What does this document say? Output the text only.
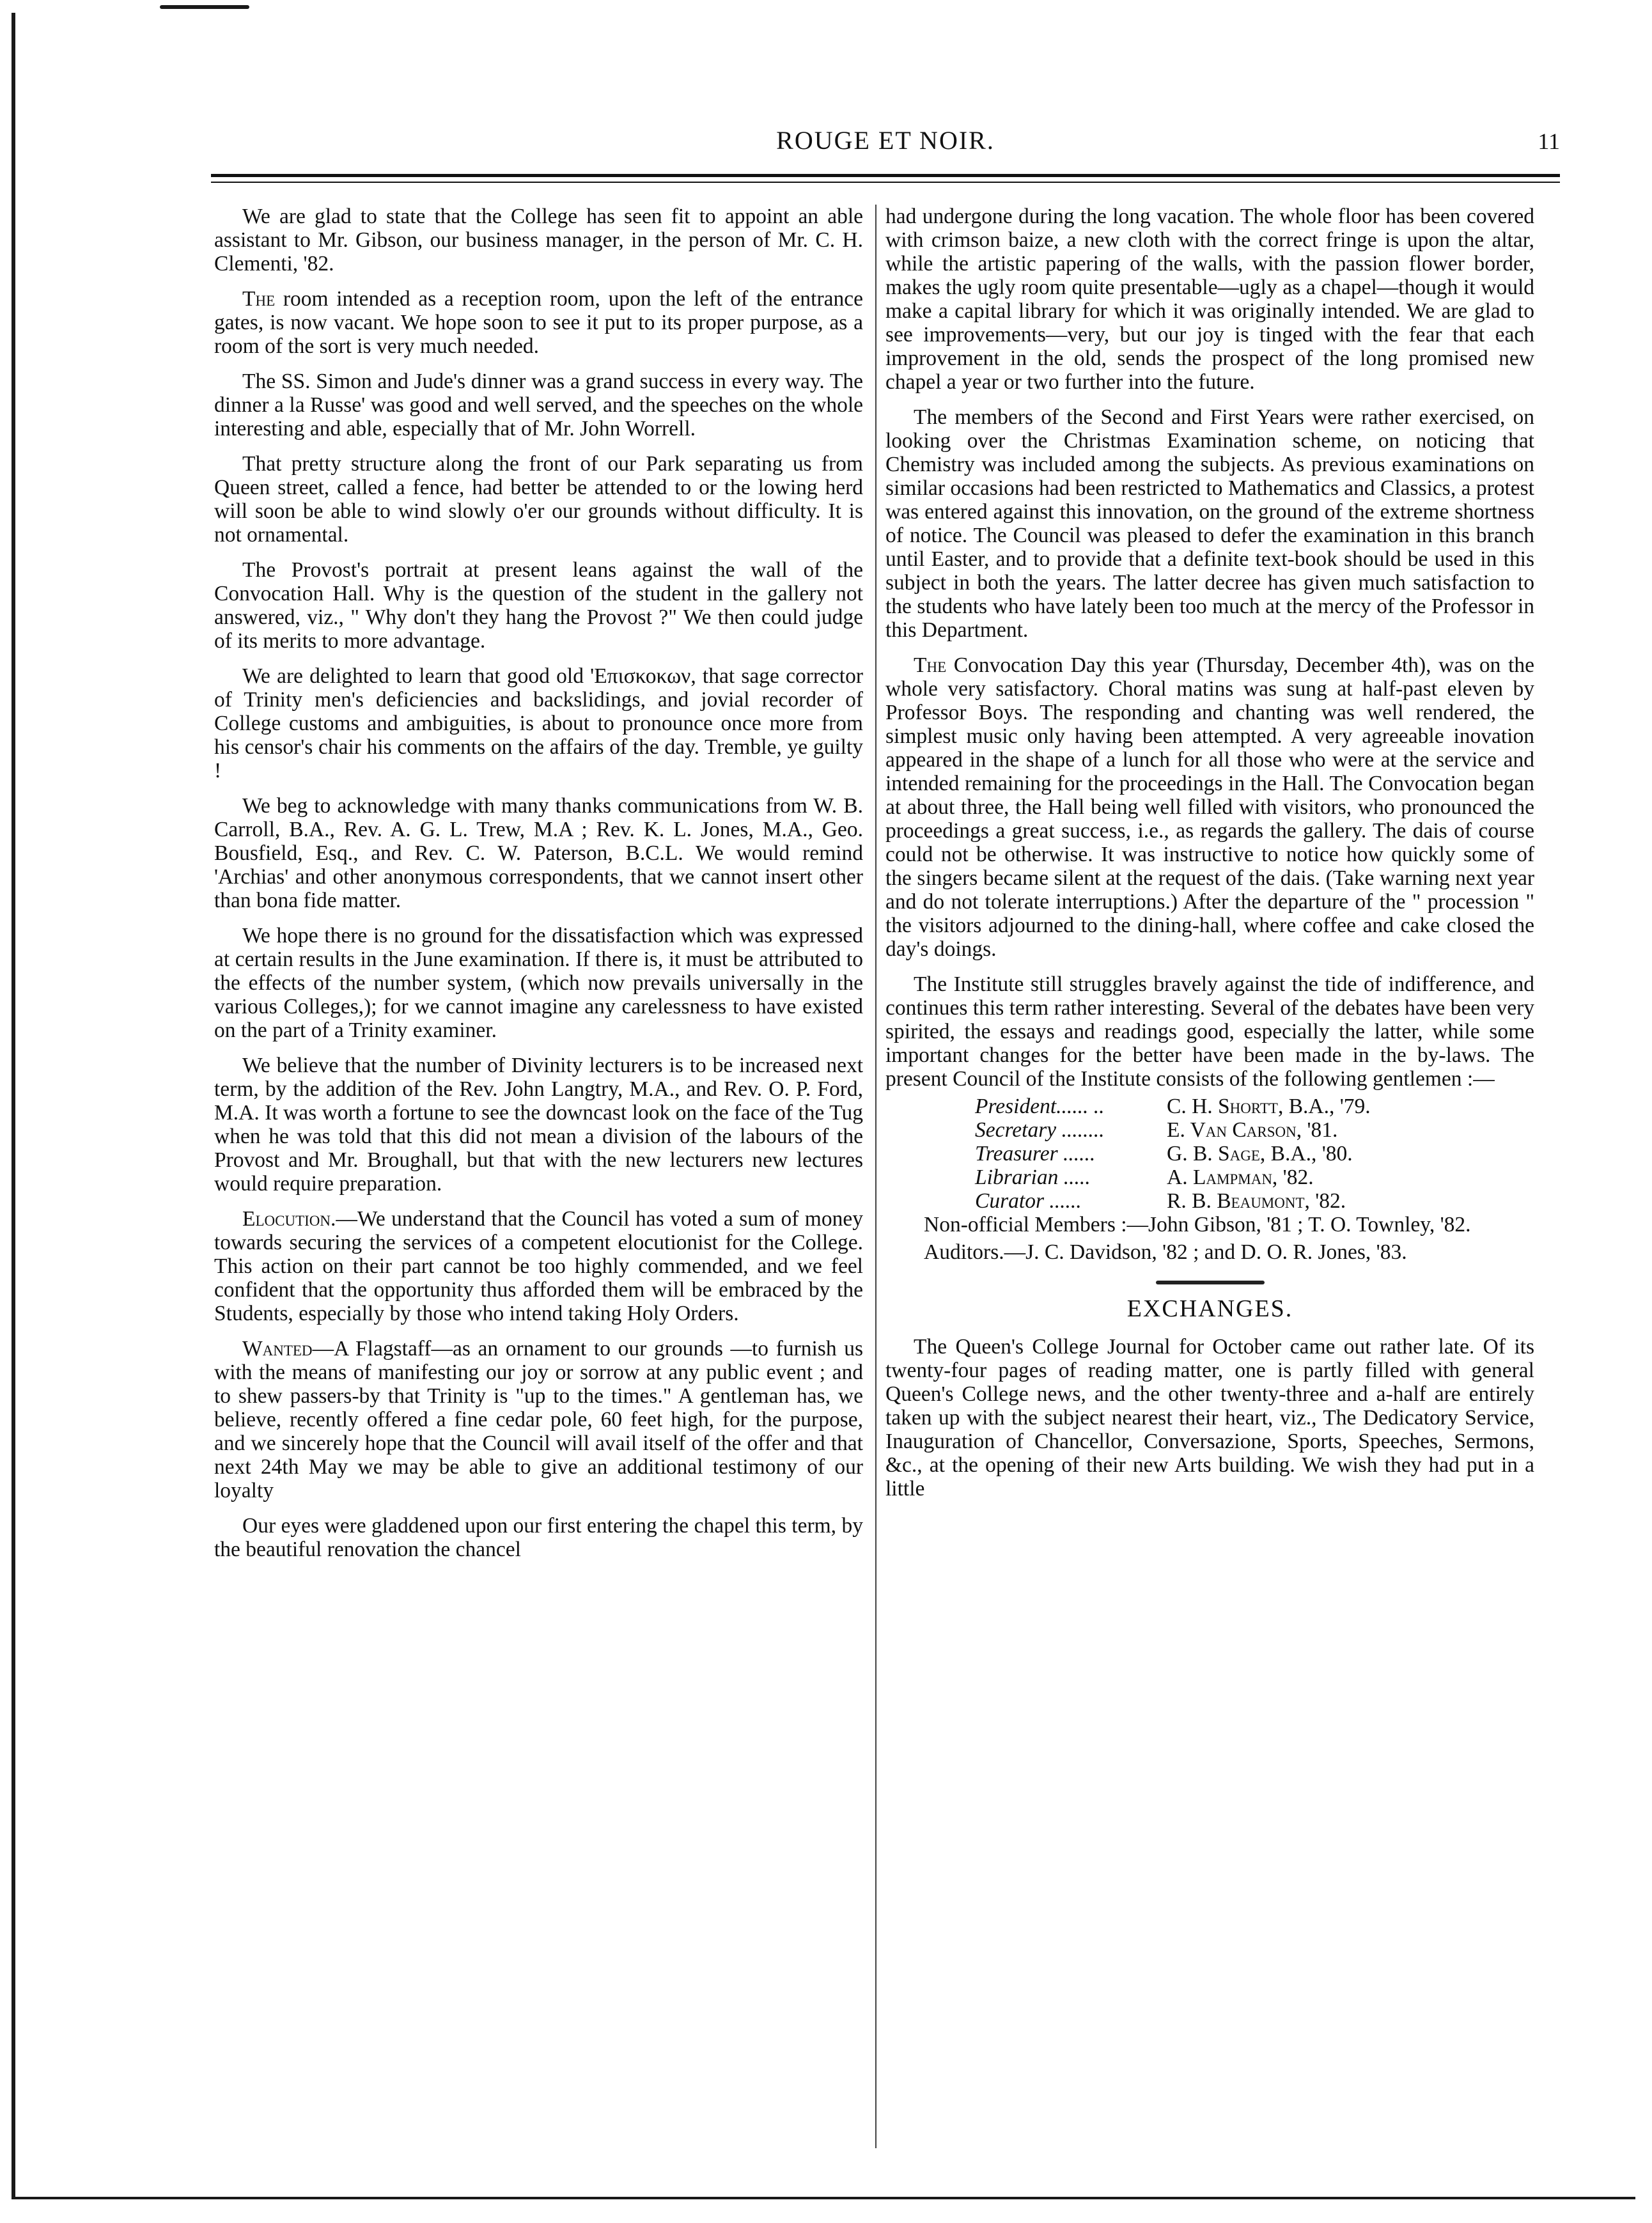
ROUGE ET NOIR.	11

We are glad to state that the College has seen fit to appoint an able assistant to Mr. Gibson, our business manager, in the person of Mr. C. H. Clementi, '82.

The room intended as a reception room, upon the left of the entrance gates, is now vacant. We hope soon to see it put to its proper purpose, as a room of the sort is very much needed.

The SS. Simon and Jude's dinner was a grand success in every way. The dinner a la Russe' was good and well served, and the speeches on the whole interesting and able, especially that of Mr. John Worrell.

That pretty structure along the front of our Park separating us from Queen street, called a fence, had better be attended to or the lowing herd will soon be able to wind slowly o'er our grounds without difficulty. It is not ornamental.

The Provost's portrait at present leans against the wall of the Convocation Hall. Why is the question of the student in the gallery not answered, viz., " Why don't they hang the Provost ?" We then could judge of its merits to more advantage.

We are delighted to learn that good old 'Επισκοκων, that sage corrector of Trinity men's deficiencies and backslidings, and jovial recorder of College customs and ambiguities, is about to pronounce once more from his censor's chair his comments on the affairs of the day. Tremble, ye guilty !

We beg to acknowledge with many thanks communications from W. B. Carroll, B.A., Rev. A. G. L. Trew, M.A ; Rev. K. L. Jones, M.A., Geo. Bousfield, Esq., and Rev. C. W. Paterson, B.C.L. We would remind 'Archias' and other anonymous correspondents, that we cannot insert other than bona fide matter.

We hope there is no ground for the dissatisfaction which was expressed at certain results in the June examination. If there is, it must be attributed to the effects of the number system, (which now prevails universally in the various Colleges,); for we cannot imagine any carelessness to have existed on the part of a Trinity examiner.

We believe that the number of Divinity lecturers is to be increased next term, by the addition of the Rev. John Langtry, M.A., and Rev. O. P. Ford, M.A. It was worth a fortune to see the downcast look on the face of the Tug when he was told that this did not mean a division of the labours of the Provost and Mr. Broughall, but that with the new lecturers new lectures would require preparation.

Elocution.—We understand that the Council has voted a sum of money towards securing the services of a competent elocutionist for the College. This action on their part cannot be too highly commended, and we feel confident that the opportunity thus afforded them will be embraced by the Students, especially by those who intend taking Holy Orders.

Wanted—A Flagstaff—as an ornament to our grounds —to furnish us with the means of manifesting our joy or sorrow at any public event ; and to shew passers-by that Trinity is "up to the times." A gentleman has, we believe, recently offered a fine cedar pole, 60 feet high, for the purpose, and we sincerely hope that the Council will avail itself of the offer and that next 24th May we may be able to give an additional testimony of our loyalty

Our eyes were gladdened upon our first entering the chapel this term, by the beautiful renovation the chancel

had undergone during the long vacation. The whole floor has been covered with crimson baize, a new cloth with the correct fringe is upon the altar, while the artistic papering of the walls, with the passion flower border, makes the ugly room quite presentable—ugly as a chapel—though it would make a capital library for which it was originally intended. We are glad to see improvements—very, but our joy is tinged with the fear that each improvement in the old, sends the prospect of the long promised new chapel a year or two further into the future.

The members of the Second and First Years were rather exercised, on looking over the Christmas Examination scheme, on noticing that Chemistry was included among the subjects. As previous examinations on similar occasions had been restricted to Mathematics and Classics, a protest was entered against this innovation, on the ground of the extreme shortness of notice. The Council was pleased to defer the examination in this branch until Easter, and to provide that a definite text-book should be used in this subject in both the years. The latter decree has given much satisfaction to the students who have lately been too much at the mercy of the Professor in this Department.

The Convocation Day this year (Thursday, December 4th), was on the whole very satisfactory. Choral matins was sung at half-past eleven by Professor Boys. The responding and chanting was well rendered, the simplest music only having been attempted. A very agreeable inovation appeared in the shape of a lunch for all those who were at the service and intended remaining for the proceedings in the Hall. The Convocation began at about three, the Hall being well filled with visitors, who pronounced the proceedings a great success, i.e., as regards the gallery. The dais of course could not be otherwise. It was instructive to notice how quickly some of the singers became silent at the request of the dais. (Take warning next year and do not tolerate interruptions.) After the departure of the " procession " the visitors adjourned to the dining-hall, where coffee and cake closed the day's doings.

The Institute still struggles bravely against the tide of indifference, and continues this term rather interesting. Several of the debates have been very spirited, the essays and readings good, especially the latter, while some important changes for the better have been made in the by-laws. The present Council of the Institute consists of the following gentlemen :—

President...... ..	C. H. Shortt, B.A., '79.
Secretary ........	E. Van Carson, '81.
Treasurer ......	G. B. Sage, B.A., '80.
Librarian .....	A. Lampman, '82.
Curator ......	R. B. Beaumont, '82.

Non-official Members :—John Gibson, '81 ; T. O. Townley, '82.

Auditors.—J. C. Davidson, '82 ; and D. O. R. Jones, '83.

EXCHANGES.

The Queen's College Journal for October came out rather late. Of its twenty-four pages of reading matter, one is partly filled with general Queen's College news, and the other twenty-three and a-half are entirely taken up with the subject nearest their heart, viz., The Dedicatory Service, Inauguration of Chancellor, Conversazione, Sports, Speeches, Sermons, &c., at the opening of their new Arts building. We wish they had put in a little
